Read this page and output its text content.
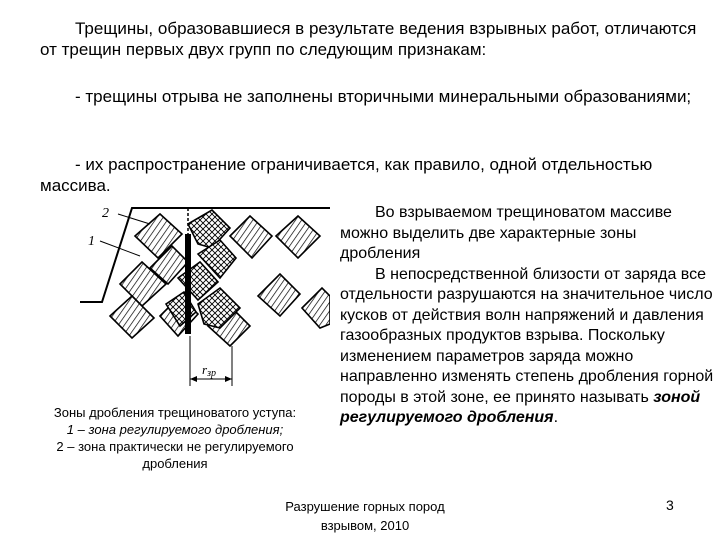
Трещины, образовавшиеся в результате ведения взрывных работ, отличаются от трещин первых двух групп по следующим признакам:
- трещины отрыва не заполнены вторичными минеральными образованиями;
- их распространение ограничивается, как правило, одной отдельностью массива.
2
1
rзр

Зоны дробления трещиноватого уступа:

1 – зона регулируемого дробления;

2 – зона практически не регулируемого дробления

Во взрываемом трещиноватом массиве можно выделить две характерные зоны дробления

В непосредственной близости от заряда все отдельности разрушаются на значительное число кусков от действия волн напряжений и давления газообразных продуктов взрыва. Поскольку изменением параметров заряда можно направленно изменять степень дробления горной породы в этой зоне, ее принято называть зоной регулируемого дробления.

Разрушение горных пород

взрывом, 2010

3
